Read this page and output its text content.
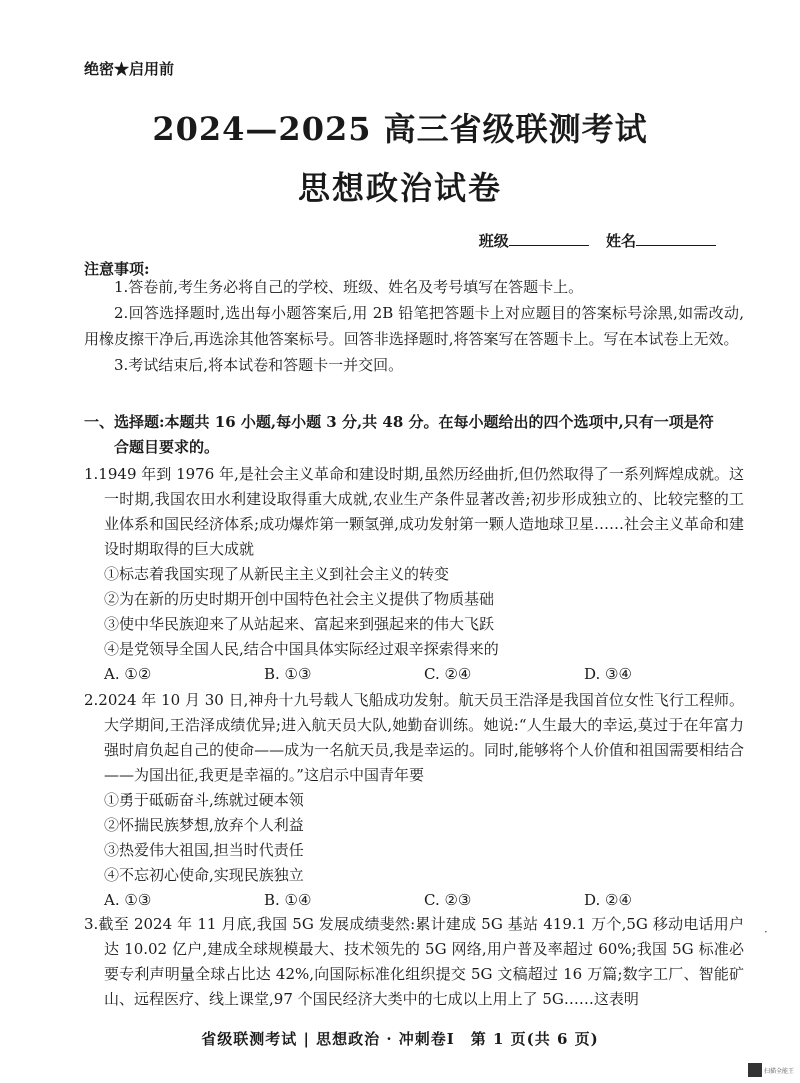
绝密★启用前
2024—2025 高三省级联测考试
思想政治试卷
班级	姓名
注意事项:

1.答卷前,考生务必将自己的学校、班级、姓名及考号填写在答题卡上。

2.回答选择题时,选出每小题答案后,用 2B 铅笔把答题卡上对应题目的答案标号涂黑,如需改动,用橡皮擦干净后,再选涂其他答案标号。回答非选择题时,将答案写在答题卡上。写在本试卷上无效。

3.考试结束后,将本试卷和答题卡一并交回。

一、选择题:本题共 16 小题,每小题 3 分,共 48 分。在每小题给出的四个选项中,只有一项是符
合题目要求的。
1.1949 年到 1976 年,是社会主义革命和建设时期,虽然历经曲折,但仍然取得了一系列辉煌成就。这一时期,我国农田水利建设取得重大成就,农业生产条件显著改善;初步形成独立的、比较完整的工业体系和国民经济体系;成功爆炸第一颗氢弹,成功发射第一颗人造地球卫星……社会主义革命和建设时期取得的巨大成就
①标志着我国实现了从新民主主义到社会主义的转变
②为在新的历史时期开创中国特色社会主义提供了物质基础
③使中华民族迎来了从站起来、富起来到强起来的伟大飞跃
④是党领导全国人民,结合中国具体实际经过艰辛探索得来的
A. ①②	B. ①③	C. ②④	D. ③④
2.2024 年 10 月 30 日,神舟十九号载人飞船成功发射。航天员王浩泽是我国首位女性飞行工程师。大学期间,王浩泽成绩优异;进入航天员大队,她勤奋训练。她说:“人生最大的幸运,莫过于在年富力强时肩负起自己的使命——成为一名航天员,我是幸运的。同时,能够将个人价值和祖国需要相结合——为国出征,我更是幸福的。”这启示中国青年要
①勇于砥砺奋斗,练就过硬本领
②怀揣民族梦想,放弃个人利益
③热爱伟大祖国,担当时代责任
④不忘初心使命,实现民族独立
A. ①③	B. ①④	C. ②③	D. ②④
3.截至 2024 年 11 月底,我国 5G 发展成绩斐然:累计建成 5G 基站 419.1 万个,5G 移动电话用户达 10.02 亿户,建成全球规模最大、技术领先的 5G 网络,用户普及率超过 60%;我国 5G 标准必要专利声明量全球占比达 42%,向国际标准化组织提交 5G 文稿超过 16 万篇;数字工厂、智能矿山、远程医疗、线上课堂,97 个国民经济大类中的七成以上用上了 5G……这表明
·
省级联测考试 | 思想政治 · 冲刺卷Ⅰ　第 1 页(共 6 页)
扫描全能王
